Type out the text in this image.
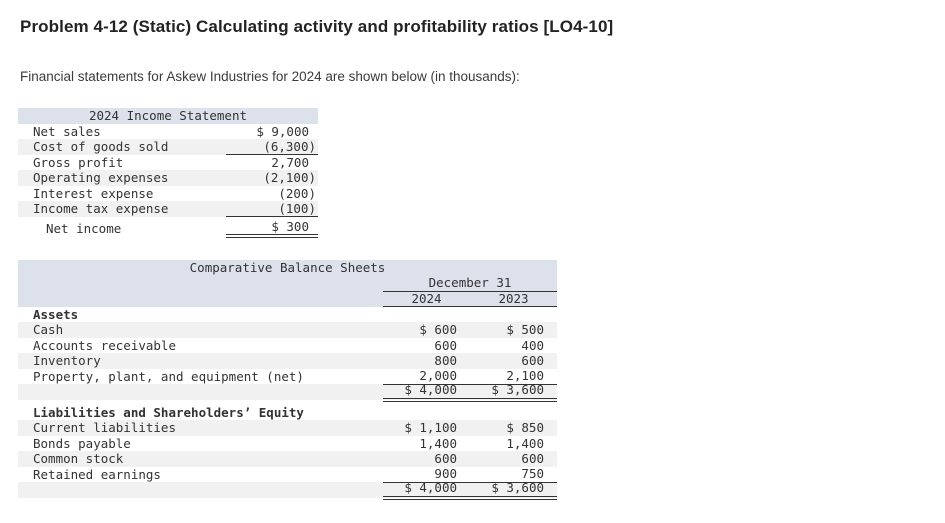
Problem 4-12 (Static) Calculating activity and profitability ratios [LO4-10]
Financial statements for Askew Industries for 2024 are shown below (in thousands):
2024 Income Statement
Net sales	$ 9,000
Cost of goods sold	(6,300)
Gross profit	2,700
Operating expenses	(2,100)
Interest expense	(200)
Income tax expense	(100)
Net income	$ 300
Comparative Balance Sheets
December 31
2024	2023
Assets
Cash	$ 600	$ 500
Accounts receivable	600	400
Inventory	800	600
Property, plant, and equipment (net)	2,000	2,100
$ 4,000	$ 3,600
Liabilities and Shareholders’ Equity
Current liabilities	$ 1,100	$ 850
Bonds payable	1,400	1,400
Common stock	600	600
Retained earnings	900	750
$ 4,000	$ 3,600
